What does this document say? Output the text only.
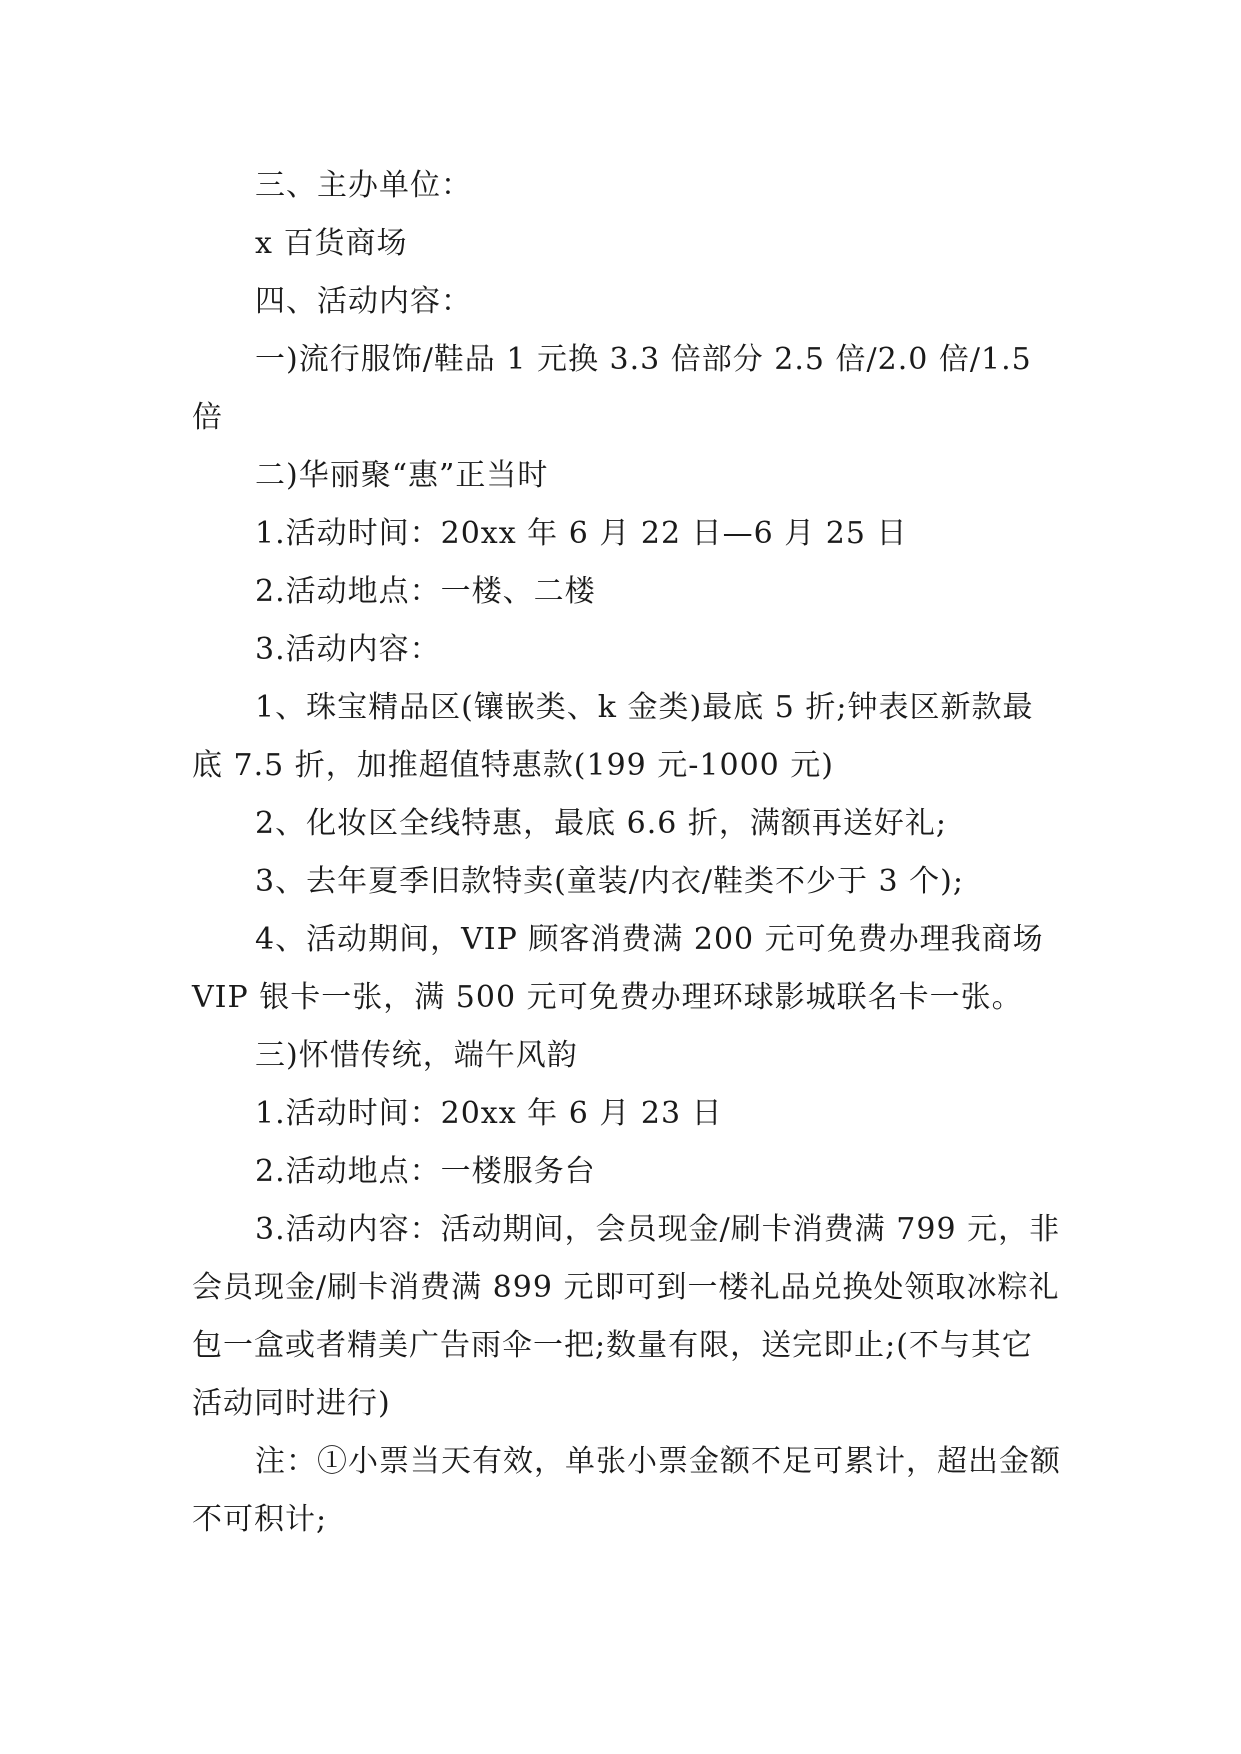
三、主办单位：

x 百货商场

四、活动内容：

一)流行服饰/鞋品 1 元换 3.3 倍部分 2.5 倍/2.0 倍/1.5 倍

二)华丽聚“惠”正当时

1.活动时间：20xx 年 6 月 22 日—6 月 25 日

2.活动地点：一楼、二楼

3.活动内容：

1、珠宝精品区(镶嵌类、k 金类)最底 5 折;钟表区新款最底 7.5 折，加推超值特惠款(199 元-1000 元)

2、化妆区全线特惠，最底 6.6 折，满额再送好礼;

3、去年夏季旧款特卖(童装/内衣/鞋类不少于 3 个);

4、活动期间，VIP 顾客消费满 200 元可免费办理我商场 VIP 银卡一张，满 500 元可免费办理环球影城联名卡一张。

三)怀惜传统，端午风韵

1.活动时间：20xx 年 6 月 23 日

2.活动地点：一楼服务台

3.活动内容：活动期间，会员现金/刷卡消费满 799 元，非会员现金/刷卡消费满 899 元即可到一楼礼品兑换处领取冰粽礼包一盒或者精美广告雨伞一把;数量有限，送完即止;(不与其它活动同时进行)

注：①小票当天有效，单张小票金额不足可累计，超出金额不可积计;
